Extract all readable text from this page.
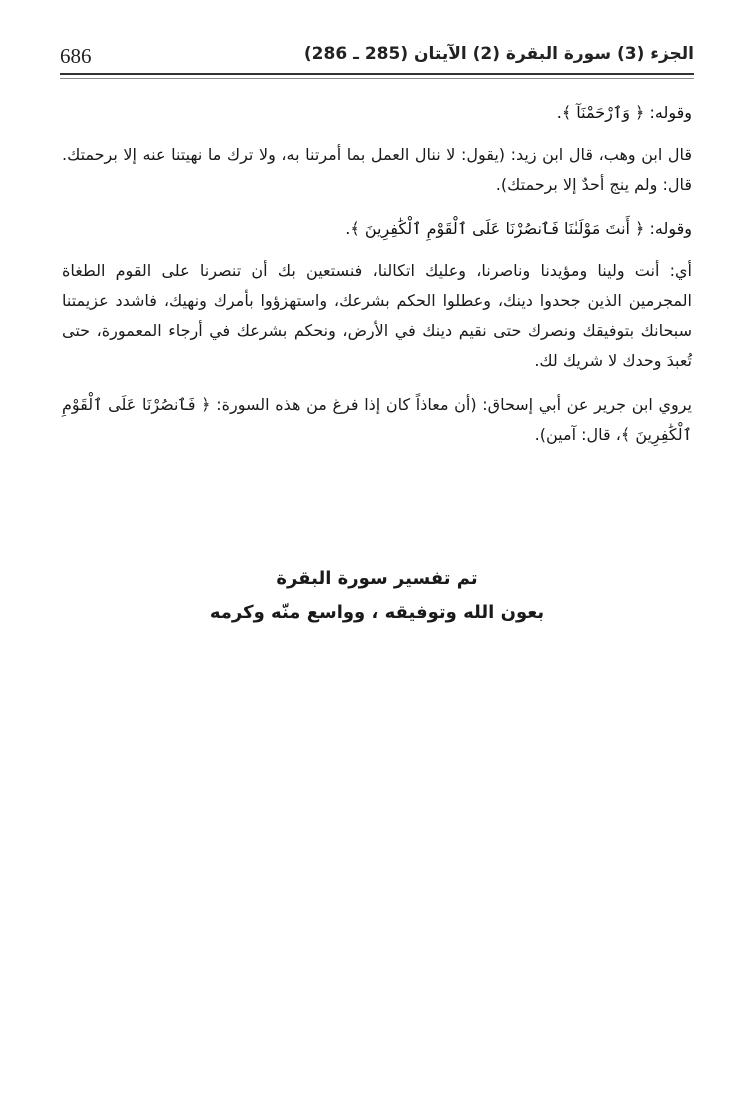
686	الجزء (3) سورة البقرة (2) الآيتان (285 ـ 286)

وقوله: ﴿ وَٱرْحَمْنَآ ﴾.

قال ابن وهب، قال ابن زيد: (يقول: لا ننال العمل بما أمرتنا به، ولا ترك ما نهيتنا عنه إلا برحمتك. قال: ولم ينج أحدٌ إلا برحمتك).

وقوله: ﴿ أَنتَ مَوْلَىٰنَا فَٱنصُرْنَا عَلَى ٱلْقَوْمِ ٱلْكَٰفِرِينَ ﴾.

أي: أنت ولينا ومؤيدنا وناصرنا، وعليك اتكالنا، فنستعين بك أن تنصرنا على القوم الطغاة المجرمين الذين جحدوا دينك، وعطلوا الحكم بشرعك، واستهزؤوا بأمرك ونهيك، فاشدد عزيمتنا سبحانك بتوفيقك ونصرك حتى نقيم دينك في الأرض، ونحكم بشرعك في أرجاء المعمورة، حتى تُعبدَ وحدك لا شريك لك.

يروي ابن جرير عن أبي إسحاق: (أن معاذاً كان إذا فرغ من هذه السورة: ﴿ فَٱنصُرْنَا عَلَى ٱلْقَوْمِ ٱلْكَٰفِرِينَ ﴾، قال: آمين).

تم تفسير سورة البقرة
بعون الله وتوفيقه ، وواسع منّه وكرمه
